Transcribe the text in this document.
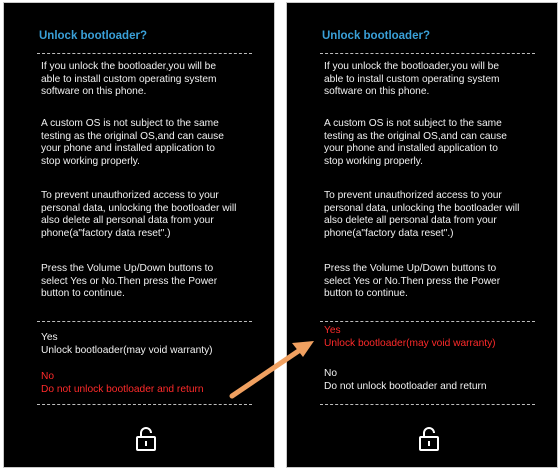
Unlock bootloader?
If you unlock the bootloader,you will be
able to install custom operating system
software on this phone.
A custom OS is not subject to the same
testing as the original OS,and can cause
your phone and installed application to
stop working properly.
To prevent unauthorized access to your
personal data, unlocking the bootloader will
also delete all personal data from your
phone(a"factory data reset".)
Press the Volume Up/Down buttons to
select Yes or No.Then press the Power
button to continue.
Yes
Unlock bootloader(may void warranty)
No
Do not unlock bootloader and return
Unlock bootloader?
If you unlock the bootloader,you will be
able to install custom operating system
software on this phone.
A custom OS is not subject to the same
testing as the original OS,and can cause
your phone and installed application to
stop working properly.
To prevent unauthorized access to your
personal data, unlocking the bootloader will
also delete all personal data from your
phone(a"factory data reset".)
Press the Volume Up/Down buttons to
select Yes or No.Then press the Power
button to continue.
Yes
Unlock bootloader(may void warranty)
No
Do not unlock bootloader and return
